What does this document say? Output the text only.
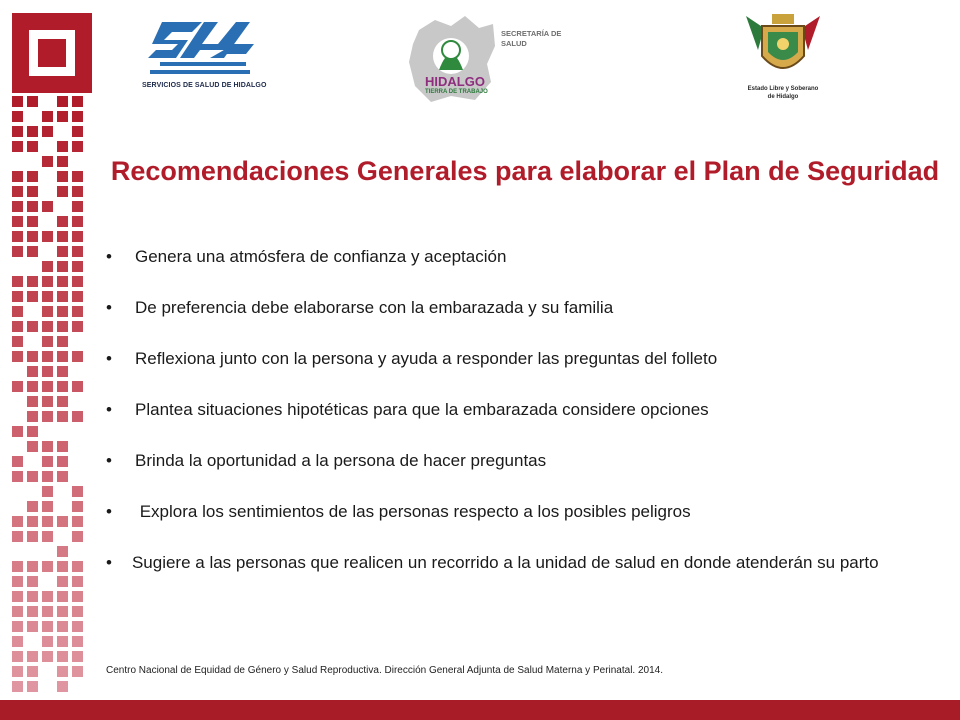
SERVICIOS DE SALUD DE HIDALGO
SECRETARÍA DE
SALUD
HIDALGO
TIERRA DE TRABAJO	Estado Libre y Soberano
de Hidalgo
Recomendaciones Generales para elaborar el Plan de Seguridad
• Genera una atmósfera de confianza y aceptación
• De preferencia debe elaborarse con la embarazada y su familia
• Reflexiona junto con la persona y ayuda a responder las preguntas del folleto
• Plantea situaciones hipotéticas para que la embarazada considere opciones
• Brinda la oportunidad a la persona de hacer preguntas
• Explora los sentimientos de las personas respecto a los posibles peligros
• Sugiere a las personas que realicen un recorrido a la unidad de salud en donde atenderán su parto
Centro Nacional de Equidad de Género y Salud Reproductiva. Dirección General Adjunta de Salud Materna y Perinatal. 2014.
